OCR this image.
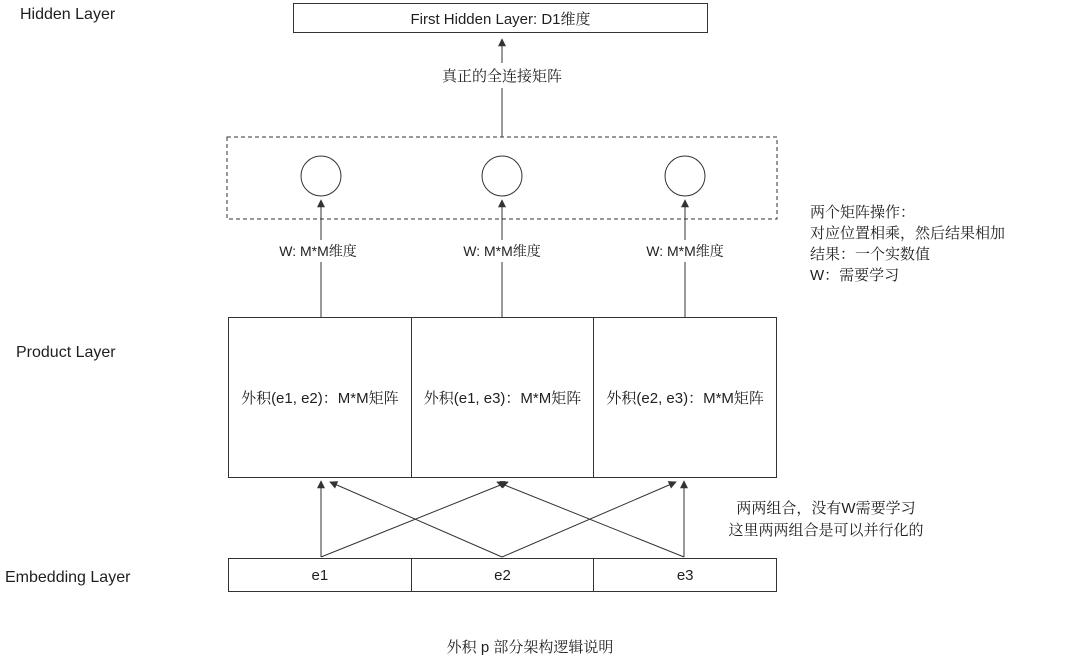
Hidden Layer
Product Layer
Embedding Layer
First Hidden Layer: D1维度
真正的全连接矩阵
W: M*M维度	W: M*M维度	W: M*M维度
外积(e1, e2)：M*M矩阵 外积(e1, e3)：M*M矩阵 外积(e2, e3)：M*M矩阵
e1	e2	e3
两个矩阵操作：
对应位置相乘，然后结果相加
结果：一个实数值
W：需要学习
两两组合，没有W需要学习
这里两两组合是可以并行化的
外积 p 部分架构逻辑说明
